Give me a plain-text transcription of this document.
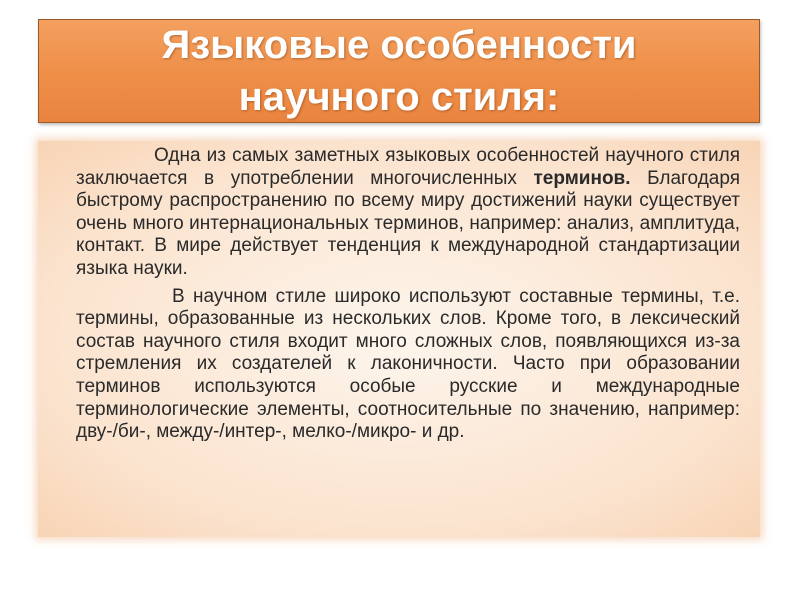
Языковые особенности научного стиля:

Одна из самых заметных языковых особенностей научного стиля заключается в употреблении многочисленных терминов. Благодаря быстрому распространению по всему миру достижений науки существует очень много интернациональных терминов, например: анализ, амплитуда, контакт. В мире действует тенденция к международной стандартизации языка науки.

В научном стиле широко используют составные термины, т.е. термины, образованные из нескольких слов. Кроме того, в лексический состав научного стиля входит много сложных слов, появляющихся из-за стремления их создателей к лаконичности. Часто при образовании терминов используются особые русские и международные терминологические элементы, соотносительные по значению, например: дву-/би-, между-/интер-, мелко-/микро- и др.
